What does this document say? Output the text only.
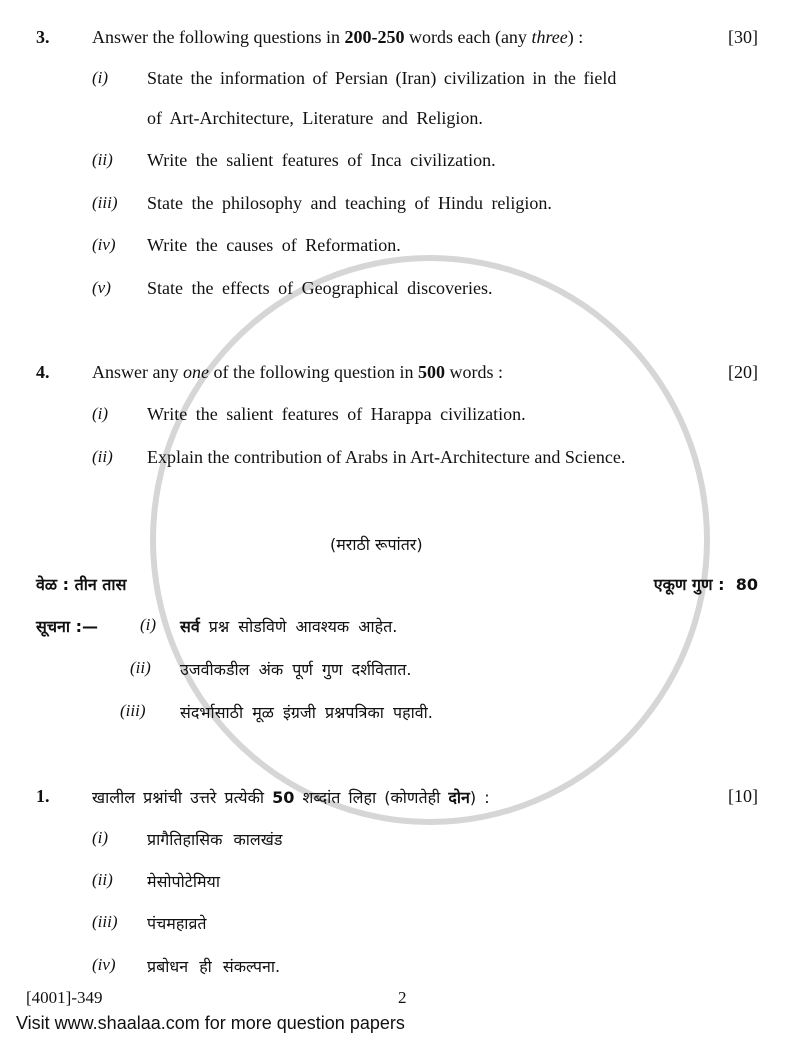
3. Answer the following questions in 200-250 words each (any three) :	[30]
(i) State the information of Persian (Iran) civilization in the field
of Art-Architecture, Literature and Religion.
(ii) Write the salient features of Inca civilization.
(iii) State the philosophy and teaching of Hindu religion.
(iv) Write the causes of Reformation.
(v) State the effects of Geographical discoveries.
4. Answer any one of the following question in 500 words :	[20]
(i) Write the salient features of Harappa civilization.
(ii) Explain the contribution of Arabs in Art-Architecture and Science.
(मराठी रूपांतर)
वेळ : तीन तास	एकूण गुण :  80
सूचना :— (i) सर्व प्रश्न सोडविणे आवश्यक आहेत.
(ii) उजवीकडील अंक पूर्ण गुण दर्शवितात.
(iii) संदर्भासाठी मूळ इंग्रजी प्रश्नपत्रिका पहावी.
1.	खालील प्रश्नांची उत्तरे प्रत्येकी 50 शब्दांत लिहा (कोणतेही दोन) :	[10]
(i) प्रागैतिहासिक कालखंड
(ii) मेसोपोटेमिया
(iii) पंचमहाव्रते
(iv) प्रबोधन ही संकल्पना.
[4001]-349	2
Visit www.shaalaa.com for more question papers
